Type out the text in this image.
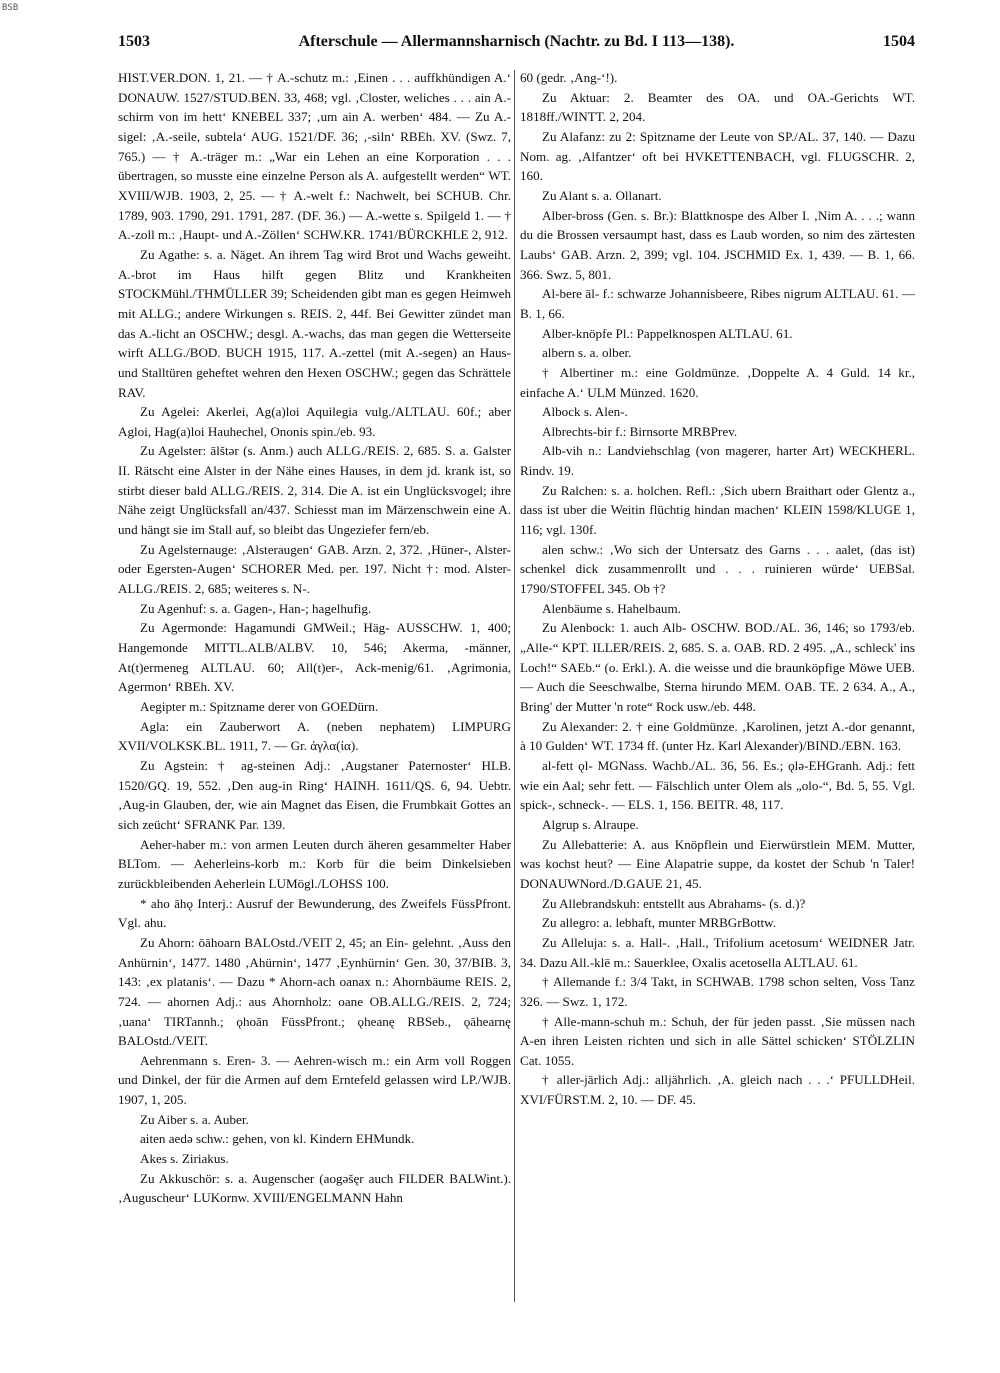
BSB
1503	Afterschule — Allermannsharnisch (Nachtr. zu Bd. I 113—138).	1504

HIST.VER.DON. 1, 21. — † A.-schutz m.: ‚Einen . . . auffkhündigen A.‘ DONAUW. 1527/STUD.BEN. 33, 468; vgl. ‚Closter, weliches . . . ain A.-schirm von im hett‘ KNEBEL 337; ‚um ain A. werben‘ 484. — Zu A.-sigel: ‚A.-seile, subtela‘ AUG. 1521/DF. 36; ‚-siln‘ RBEh. XV. (Swz. 7, 765.) — † A.-träger m.: „War ein Lehen an eine Korporation . . . übertragen, so musste eine einzelne Person als A. aufgestellt werden“ WT. XVIII/WJB. 1903, 2, 25. — † A.-welt f.: Nachwelt, bei SCHUB. Chr. 1789, 903. 1790, 291. 1791, 287. (DF. 36.) — A.-wette s. Spilgeld 1. — † A.-zoll m.: ‚Haupt- und A.-Zöllen‘ SCHW.KR. 1741/BÜRCKHLE 2, 912.

Zu Agathe: s. a. Näget. An ihrem Tag wird Brot und Wachs geweiht. A.-brot im Haus hilft gegen Blitz und Krankheiten STOCKMühl./THMÜLLER 39; Scheidenden gibt man es gegen Heimweh mit ALLG.; andere Wirkungen s. REIS. 2, 44f. Bei Gewitter zündet man das A.-licht an OSCHW.; desgl. A.-wachs, das man gegen die Wetterseite wirft ALLG./BOD. BUCH 1915, 117. A.-zettel (mit A.-segen) an Haus- und Stalltüren geheftet wehren den Hexen OSCHW.; gegen das Schrättele RAV.

Zu Agelei: Akerlei, Ag(a)loi Aquilegia vulg./ALTLAU. 60f.; aber Agloi, Hag(a)loi Hauhechel, Ononis spin./eb. 93.

Zu Agelster: ālštər (s. Anm.) auch ALLG./REIS. 2, 685. S. a. Galster II. Rätscht eine Alster in der Nähe eines Hauses, in dem jd. krank ist, so stirbt dieser bald ALLG./REIS. 2, 314. Die A. ist ein Unglücksvogel; ihre Nähe zeigt Unglücksfall an/437. Schiesst man im Märzenschwein eine A. und hängt sie im Stall auf, so bleibt das Ungeziefer fern/eb.

Zu Agelsternauge: ‚Alsteraugen‘ GAB. Arzn. 2, 372. ‚Hüner-, Alster- oder Egersten-Augen‘ SCHORER Med. per. 197. Nicht †: mod. Alster- ALLG./REIS. 2, 685; weiteres s. N-.

Zu Agenhuf: s. a. Gagen-, Han-; hagelhufig.

Zu Agermonde: Hagamundi GMWeil.; Häg- AUSSCHW. 1, 400; Hangemonde MITTL.ALB/ALBV. 10, 546; Akerma, -männer, At(t)ermeneg ALTLAU. 60; All(t)er-, Ack-menig/61. ‚Agrimonia, Agermon‘ RBEh. XV.

Aegipter m.: Spitzname derer von GOEDürn.

Agla: ein Zauberwort A. (neben nephatem) LIMPURG XVII/VOLKSK.BL. 1911, 7. — Gr. ἀγλα(ία).

Zu Agstein: † ag-steinen Adj.: ‚Augstaner Paternoster‘ HLB. 1520/GQ. 19, 552. ‚Den aug-in Ring‘ HAINH. 1611/QS. 6, 94. Uebtr. ‚Aug-in Glauben, der, wie ain Magnet das Eisen, die Frumbkait Gottes an sich zeücht‘ SFRANK Par. 139.

Aeher-haber m.: von armen Leuten durch äheren gesammelter Haber BLTom. — Aeherleins-korb m.: Korb für die beim Dinkelsieben zurückbleibenden Aeherlein LUMögl./LOHSS 100.

* aho āhǫ Interj.: Ausruf der Bewunderung, des Zweifels FüssPfront. Vgl. ahu.

Zu Ahorn: ōāhoarn BALOstd./VEIT 2, 45; an Ein- gelehnt. ‚Auss den Anhürnin‘, 1477. 1480 ‚Ahürnin‘, 1477 ‚Eynhürnin‘ Gen. 30, 37/BIB. 3, 143: ‚ex platanis‘. — Dazu * Ahorn-ach oanax n.: Ahornbäume REIS. 2, 724. — ahornen Adj.: aus Ahornholz: oane OB.ALLG./REIS. 2, 724; ‚uana‘ TIRTannh.; ǫhoān FüssPfront.; ǫheanę RBSeb., ǫāhearnę BALOstd./VEIT.

Aehrenmann s. Eren- 3. — Aehren-wisch m.: ein Arm voll Roggen und Dinkel, der für die Armen auf dem Erntefeld gelassen wird LP./WJB. 1907, 1, 205.

Zu Aiber s. a. Auber.

aiten aedə schw.: gehen, von kl. Kindern EHMundk.

Akes s. Ziriakus.

Zu Akkuschör: s. a. Augenscher (aogəšęr auch FILDER BALWint.). ‚Auguscheur‘ LUKornw. XVIII/ENGELMANN Hahn

60 (gedr. ‚Ang-‘!).

Zu Aktuar: 2. Beamter des OA. und OA.-Gerichts WT. 1818ff./WINTT. 2, 204.

Zu Alafanz: zu 2: Spitzname der Leute von SP./AL. 37, 140. — Dazu Nom. ag. ‚Alfantzer‘ oft bei HVKETTENBACH, vgl. FLUGSCHR. 2, 160.

Zu Alant s. a. Ollanart.

Alber-bross (Gen. s. Br.): Blattknospe des Alber I. ‚Nim A. . . .; wann du die Brossen versaumpt hast, dass es Laub worden, so nim des zärtesten Laubs‘ GAB. Arzn. 2, 399; vgl. 104. JSCHMID Ex. 1, 439. — B. 1, 66. 366. Swz. 5, 801.

Al-bere āl- f.: schwarze Johannisbeere, Ribes nigrum ALTLAU. 61. — B. 1, 66.

Alber-knöpfe Pl.: Pappelknospen ALTLAU. 61.

albern s. a. olber.

† Albertiner m.: eine Goldmünze. ‚Doppelte A. 4 Guld. 14 kr., einfache A.‘ ULM Münzed. 1620.

Albock s. Alen-.

Albrechts-bir f.: Birnsorte MRBPrev.

Alb-vih n.: Landviehschlag (von magerer, harter Art) WECKHERL. Rindv. 19.

Zu Ralchen: s. a. holchen. Refl.: ‚Sich ubern Braithart oder Glentz a., dass ist uber die Weitin flüchtig hindan machen‘ KLEIN 1598/KLUGE 1, 116; vgl. 130f.

alen schw.: ‚Wo sich der Untersatz des Garns . . . aalet, (das ist) schenkel dick zusammenrollt und . . . ruinieren würde‘ UEBSal. 1790/STOFFEL 345. Ob †?

Alenbäume s. Hahelbaum.

Zu Alenbock: 1. auch Alb- OSCHW. BOD./AL. 36, 146; so 1793/eb. „Alle-“ KPT. ILLER/REIS. 2, 685. S. a. OAB. RD. 2 495. „A., schleck' ins Loch!“ SAEb.“ (o. Erkl.). A. die weisse und die braunköpfige Möwe UEB. — Auch die Seeschwalbe, Sterna hirundo MEM. OAB. TE. 2 634. A., A., Bring' der Mutter 'n rote“ Rock usw./eb. 448.

Zu Alexander: 2. † eine Goldmünze. ‚Karolinen, jetzt A.-dor genannt, à 10 Gulden‘ WT. 1734 ff. (unter Hz. Karl Alexander)/BIND./EBN. 163.

al-fett ǫl- MGNass. Wachb./AL. 36, 56. Es.; ǫlə-EHGranh. Adj.: fett wie ein Aal; sehr fett. — Fälschlich unter Olem als „olo-“, Bd. 5, 55. Vgl. spick-, schneck-. — ELS. 1, 156. BEITR. 48, 117.

Algrup s. Alraupe.

Zu Allebatterie: A. aus Knöpflein und Eierwürstlein MEM. Mutter, was kochst heut? — Eine Alapatrie suppe, da kostet der Schub 'n Taler! DONAUWNord./D.GAUE 21, 45.

Zu Allebrandskuh: entstellt aus Abrahams- (s. d.)?

Zu allegro: a. lebhaft, munter MRBGrBottw.

Zu Alleluja: s. a. Hall-. ‚Hall., Trifolium acetosum‘ WEIDNER Jatr. 34. Dazu All.-klē m.: Sauerklee, Oxalis acetosella ALTLAU. 61.

† Allemande f.: 3/4 Takt, in SCHWAB. 1798 schon selten, Voss Tanz 326. — Swz. 1, 172.

† Alle-mann-schuh m.: Schuh, der für jeden passt. ‚Sie müssen nach A-en ihren Leisten richten und sich in alle Sättel schicken‘ STÖLZLIN Cat. 1055.

† aller-järlich Adj.: alljährlich. ‚A. gleich nach . . .‘ PFULLDHeil. XVI/FÜRST.M. 2, 10. — DF. 45.
